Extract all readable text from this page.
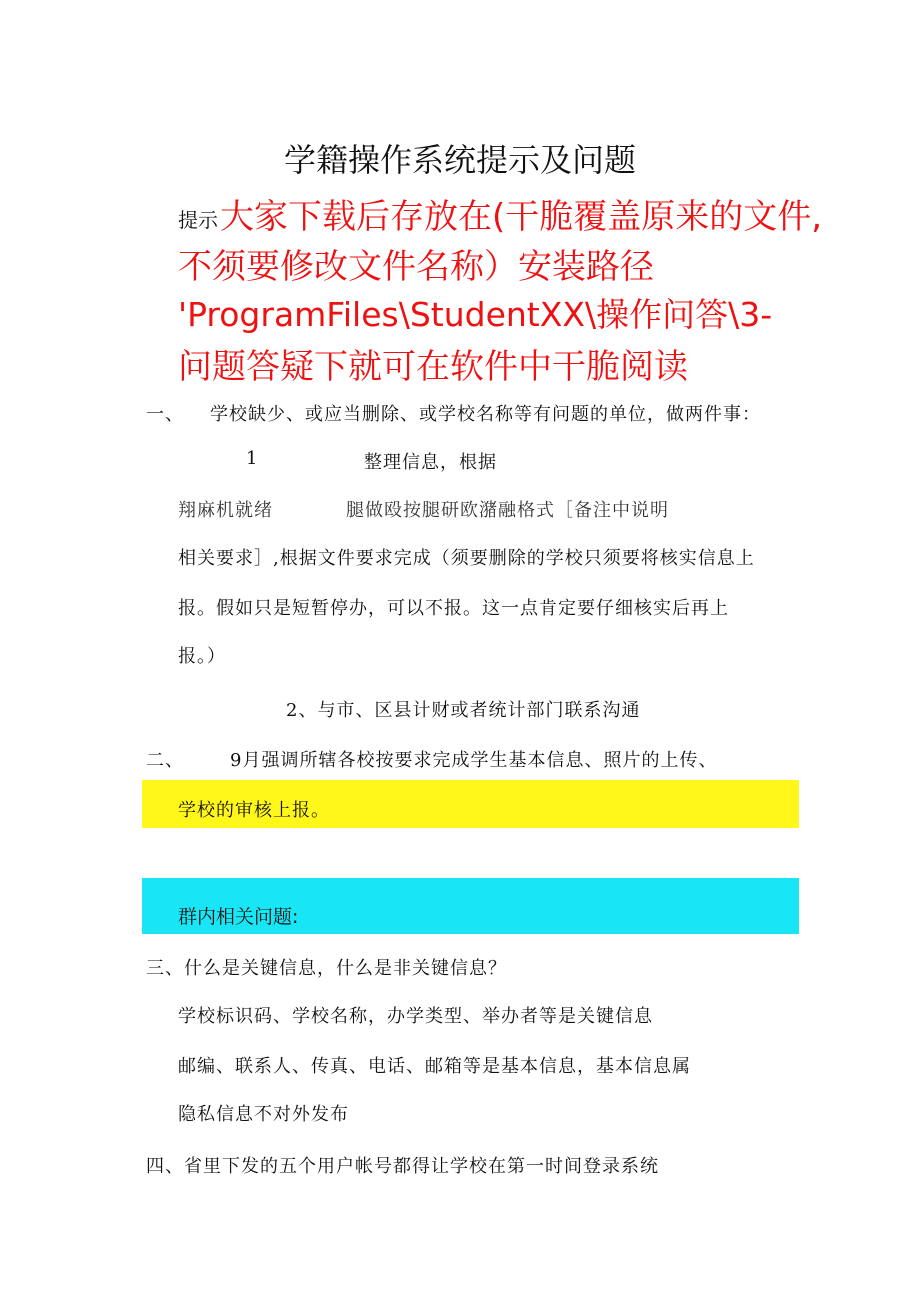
学籍操作系统提示及问题
提示 大家下载后存放在(干脆覆盖原来的文件,
不须要修改文件名称）安装路径
'ProgramFiles\StudentXX\操作问答\3-
问题答疑下就可在软件中干脆阅读
一、 学校缺少、或应当删除、或学校名称等有问题的单位，做两件事：
1	整理信息，根据
翔麻机就绪	腿做殴按腿研欧潴融格式［备注中说明
相关要求］,根据文件要求完成（须要删除的学校只须要将核实信息上
报。假如只是短暂停办，可以不报。这一点肯定要仔细核实后再上
报。）
2、与市、区县计财或者统计部门联系沟通
二、	9月强调所辖各校按要求完成学生基本信息、照片的上传、
学校的审核上报。
群内相关问题:
三、什么是关键信息，什么是非关键信息？
学校标识码、学校名称，办学类型、举办者等是关键信息
邮编、联系人、传真、电话、邮箱等是基本信息，基本信息属
隐私信息不对外发布
四、省里下发的五个用户帐号都得让学校在第一时间登录系统
